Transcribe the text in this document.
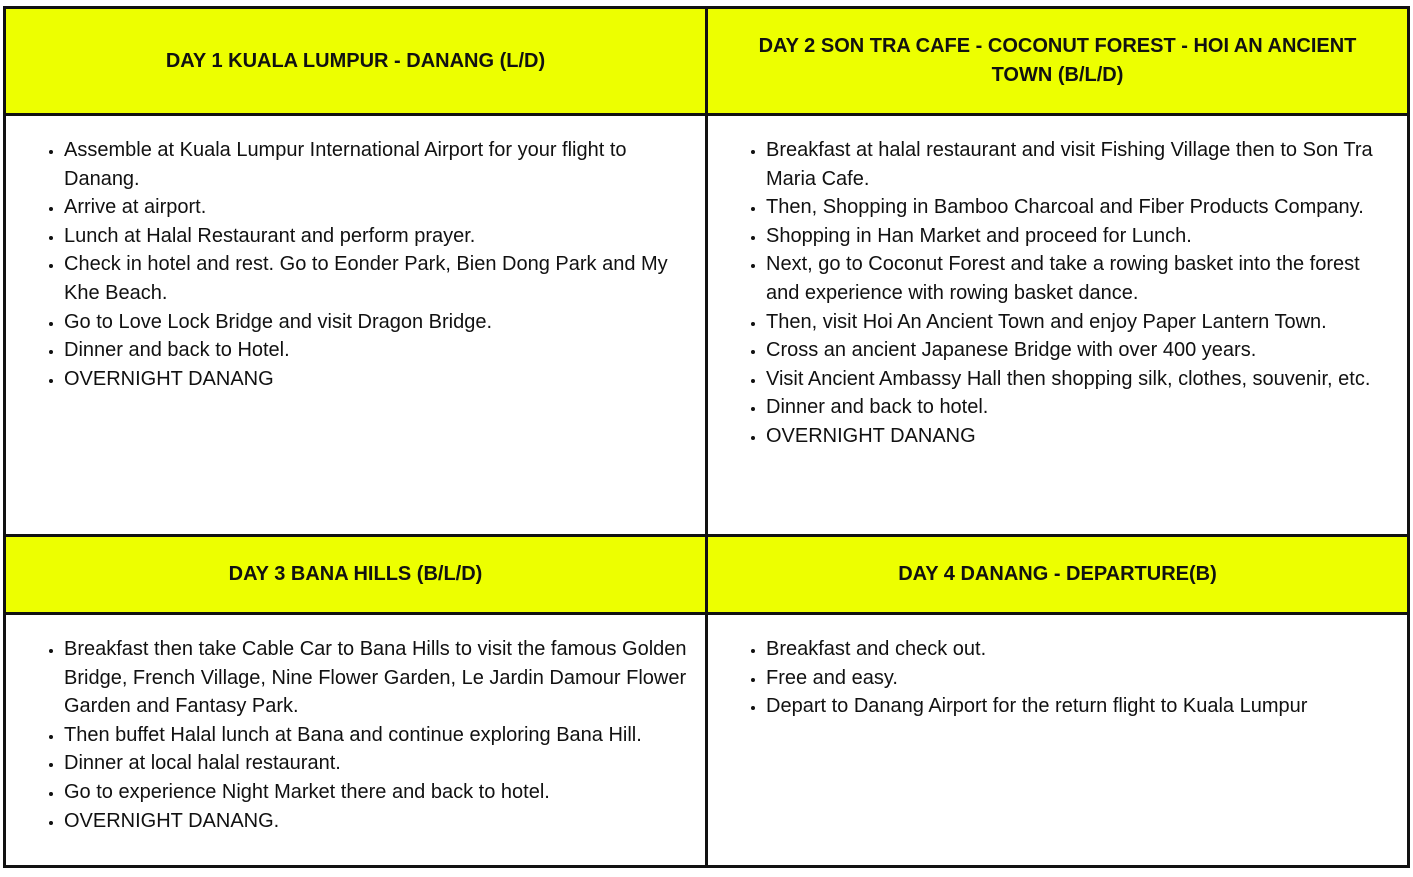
DAY 1 KUALA LUMPUR - DANANG (L/D)
DAY 2 SON TRA CAFE - COCONUT FOREST - HOI AN ANCIENT TOWN (B/L/D)
• Assemble at Kuala Lumpur International Airport for your flight to Danang.
• Arrive at airport.
• Lunch at Halal Restaurant and perform prayer.
• Check in hotel and rest. Go to Eonder Park, Bien Dong Park and My Khe Beach.
• Go to Love Lock Bridge and visit Dragon Bridge.
• Dinner and back to Hotel.
• OVERNIGHT DANANG
• Breakfast at halal restaurant and visit Fishing Village then to Son Tra Maria Cafe.
• Then, Shopping in Bamboo Charcoal and Fiber Products Company.
• Shopping in Han Market and proceed for Lunch.
• Next, go to Coconut Forest and take a rowing basket into the forest and experience with rowing basket dance.
• Then, visit Hoi An Ancient Town and enjoy Paper Lantern Town.
• Cross an ancient Japanese Bridge with over 400 years.
• Visit Ancient Ambassy Hall then shopping silk, clothes, souvenir, etc.
• Dinner and back to hotel.
• OVERNIGHT DANANG
DAY 3 BANA HILLS (B/L/D)	DAY 4 DANANG - DEPARTURE(B)
• Breakfast then take Cable Car to Bana Hills to visit the famous Golden Bridge, French Village, Nine Flower Garden, Le Jardin Damour Flower Garden and Fantasy Park.
• Then buffet Halal lunch at Bana and continue exploring Bana Hill.
• Dinner at local halal restaurant.
• Go to experience Night Market there and back to hotel.
• OVERNIGHT DANANG.
• Breakfast and check out.
• Free and easy.
• Depart to Danang Airport for the return flight to Kuala Lumpur
